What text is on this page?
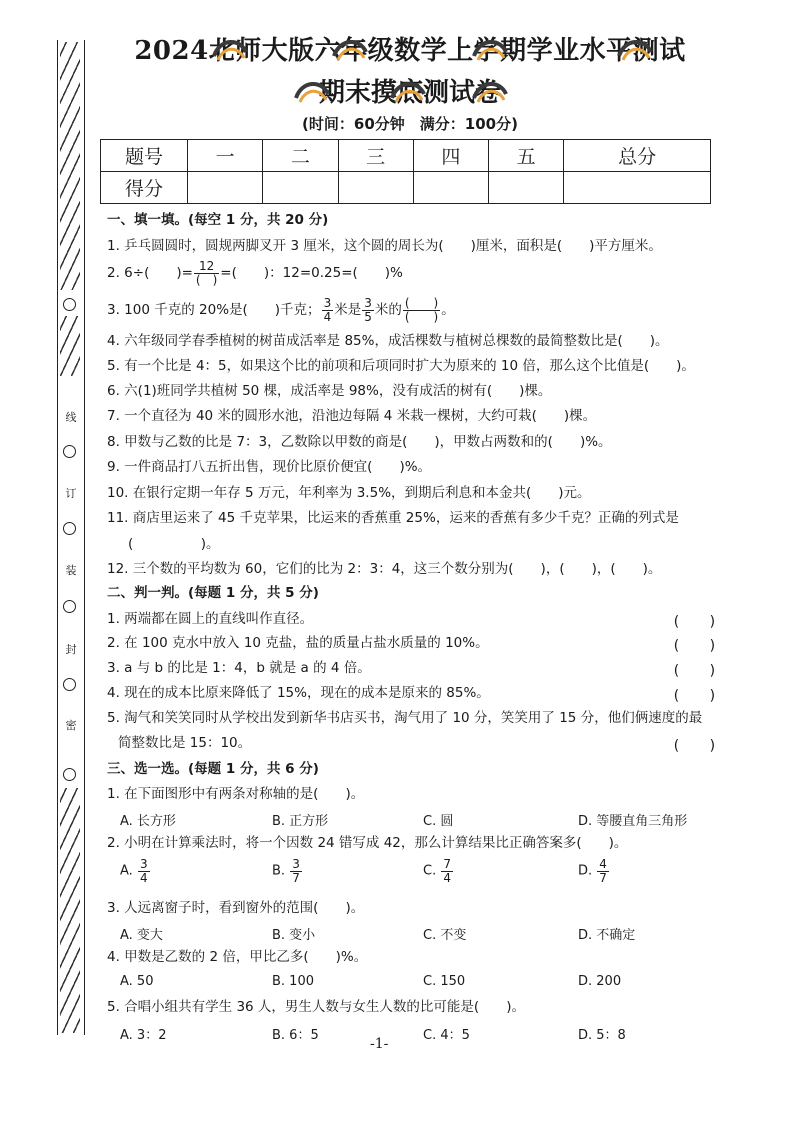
线
订
装
封
密
2024北师大版六年级数学上学期学业水平测试
期末摸底测试卷
(时间：60分钟　满分：100分)
题号	一	二	三	四	五	总分
得分						
一、填一填。(每空 1 分，共 20 分)
1. 乒乓圆圆时，圆规两脚叉开 3 厘米，这个圆的周长为(　　)厘米，面积是(　　)平方厘米。
2. 6÷(　　)= $\frac{12}{( )}$ =(　　)：12=0.25=(　　)%
3. 100 千克的 20%是(　　)千克； $\frac{3}{4}$ 米是 $\frac{3}{5}$ 米的 $\frac{( )}{( )}$ 。
4. 六年级同学春季植树的树苗成活率是 85%，成活棵数与植树总棵数的最简整数比是(　　)。
5. 有一个比是 4：5，如果这个比的前项和后项同时扩大为原来的 10 倍，那么这个比值是(　　)。
6. 六(1)班同学共植树 50 棵，成活率是 98%，没有成活的树有(　　)棵。
7. 一个直径为 40 米的圆形水池，沿池边每隔 4 米栽一棵树，大约可栽(　　)棵。
8. 甲数与乙数的比是 7：3，乙数除以甲数的商是(　　)，甲数占两数和的(　　)%。
9. 一件商品打八五折出售，现价比原价便宜(　　)%。
10. 在银行定期一年存 5 万元，年利率为 3.5%，到期后利息和本金共(　　)元。
11. 商店里运来了 45 千克苹果，比运来的香蕉重 25%，运来的香蕉有多少千克？正确的列式是
(　　　　　)。
12. 三个数的平均数为 60，它们的比为 2：3：4，这三个数分别为(　　)，(　　)，(　　)。
二、判一判。(每题 1 分，共 5 分)
1. 两端都在圆上的直线叫作直径。	(　　)
2. 在 100 克水中放入 10 克盐，盐的质量占盐水质量的 10%。	(　　)
3. a 与 b 的比是 1：4，b 就是 a 的 4 倍。	(　　)
4. 现在的成本比原来降低了 15%，现在的成本是原来的 85%。	(　　)
5. 淘气和笑笑同时从学校出发到新华书店买书，淘气用了 10 分，笑笑用了 15 分，他们俩速度的最
简整数比是 15：10。	(　　)
三、选一选。(每题 1 分，共 6 分)
1. 在下面图形中有两条对称轴的是(　　)。
A. 长方形	B. 正方形	C. 圆	D. 等腰直角三角形
2. 小明在计算乘法时，将一个因数 24 错写成 42，那么计算结果比正确答案多(　　)。
A. $\frac{3}{4}$	B. $\frac{3}{7}$	C. $\frac{7}{4}$	D. $\frac{4}{7}$
3. 人远离窗子时，看到窗外的范围(　　)。
A. 变大	B. 变小	C. 不变	D. 不确定
4. 甲数是乙数的 2 倍，甲比乙多(　　)%。
A. 50	B. 100	C. 150	D. 200
5. 合唱小组共有学生 36 人，男生人数与女生人数的比可能是(　　)。
A. 3：2	B. 6：5	C. 4：5	D. 5：8
-1-
